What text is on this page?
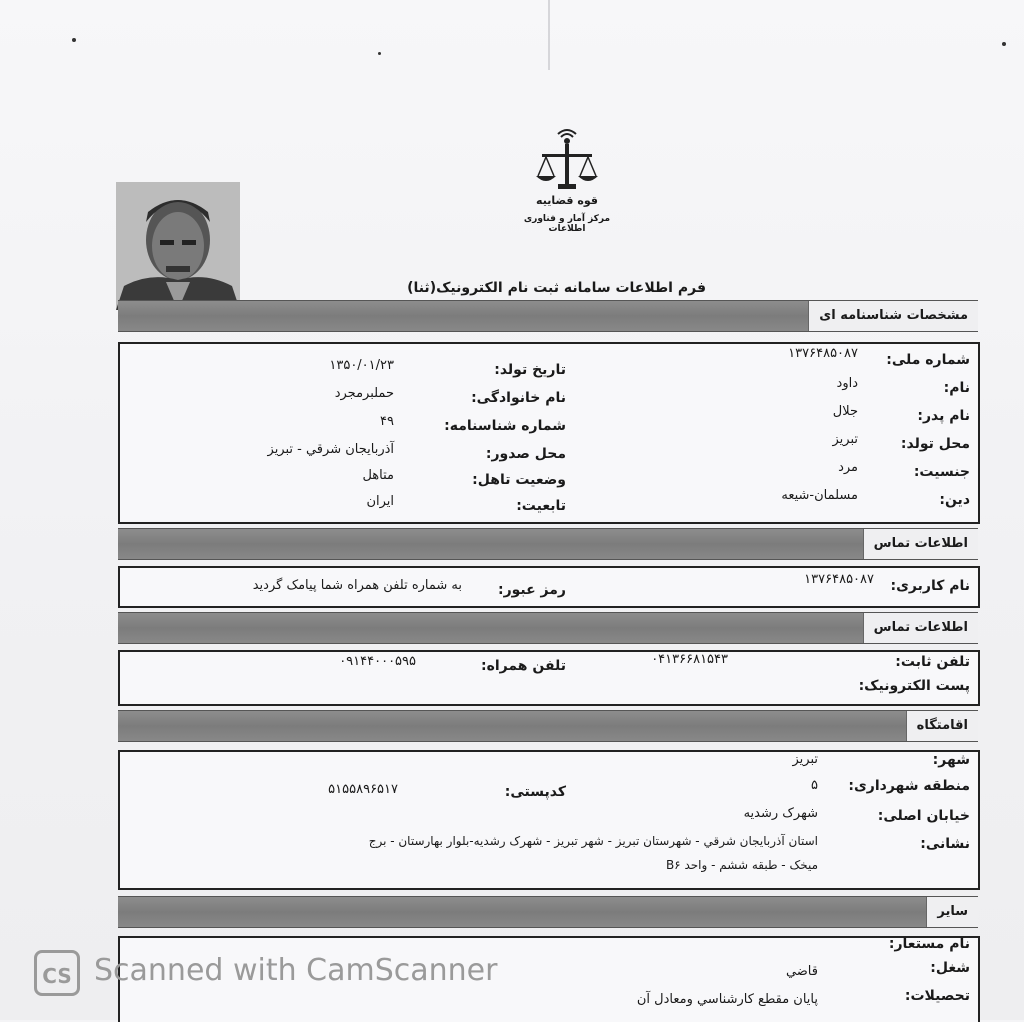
قوه قضاییه
مرکز آمار و فناوری اطلاعات
فرم اطلاعات سامانه ثبت نام الکترونیک(ثنا)
مشخصات شناسنامه ای
شماره ملی:
۱۳۷۶۴۸۵۰۸۷
نام:
داود
نام پدر:
جلال
محل تولد:
تبریز
جنسیت:
مرد
دین:
مسلمان-شیعه
تاریخ تولد:
۱۳۵۰/۰۱/۲۳
نام خانوادگی:
حملبرمجرد
شماره شناسنامه:
۴۹
محل صدور:
آذربایجان شرقي - تبریز
وضعیت تاهل:
متاهل
تابعیت:
ایران
اطلاعات تماس
نام کاربری:
۱۳۷۶۴۸۵۰۸۷
رمز عبور:
به شماره تلفن همراه شما پیامک گردید
اطلاعات تماس
تلفن ثابت:
۰۴۱۳۶۶۸۱۵۴۳
پست الکترونیک:
تلفن همراه:
۰۹۱۴۴۰۰۰۵۹۵
اقامتگاه
شهر:
تبریز
منطقه شهرداری:
۵
کدپستی:
۵۱۵۵۸۹۶۵۱۷
خیابان اصلی:
شهرک رشدیه
نشانی:
استان آذربایجان شرقي - شهرستان تبریز - شهر تبریز - شهرک رشدیه-بلوار بهارستان - برج
میخک - طبقه ششم - واحد B۶
سایر
نام مستعار:
شغل:
قاضي
تحصیلات:
پایان مقطع کارشناسي ومعادل آن
CS Scanned with CamScanner
